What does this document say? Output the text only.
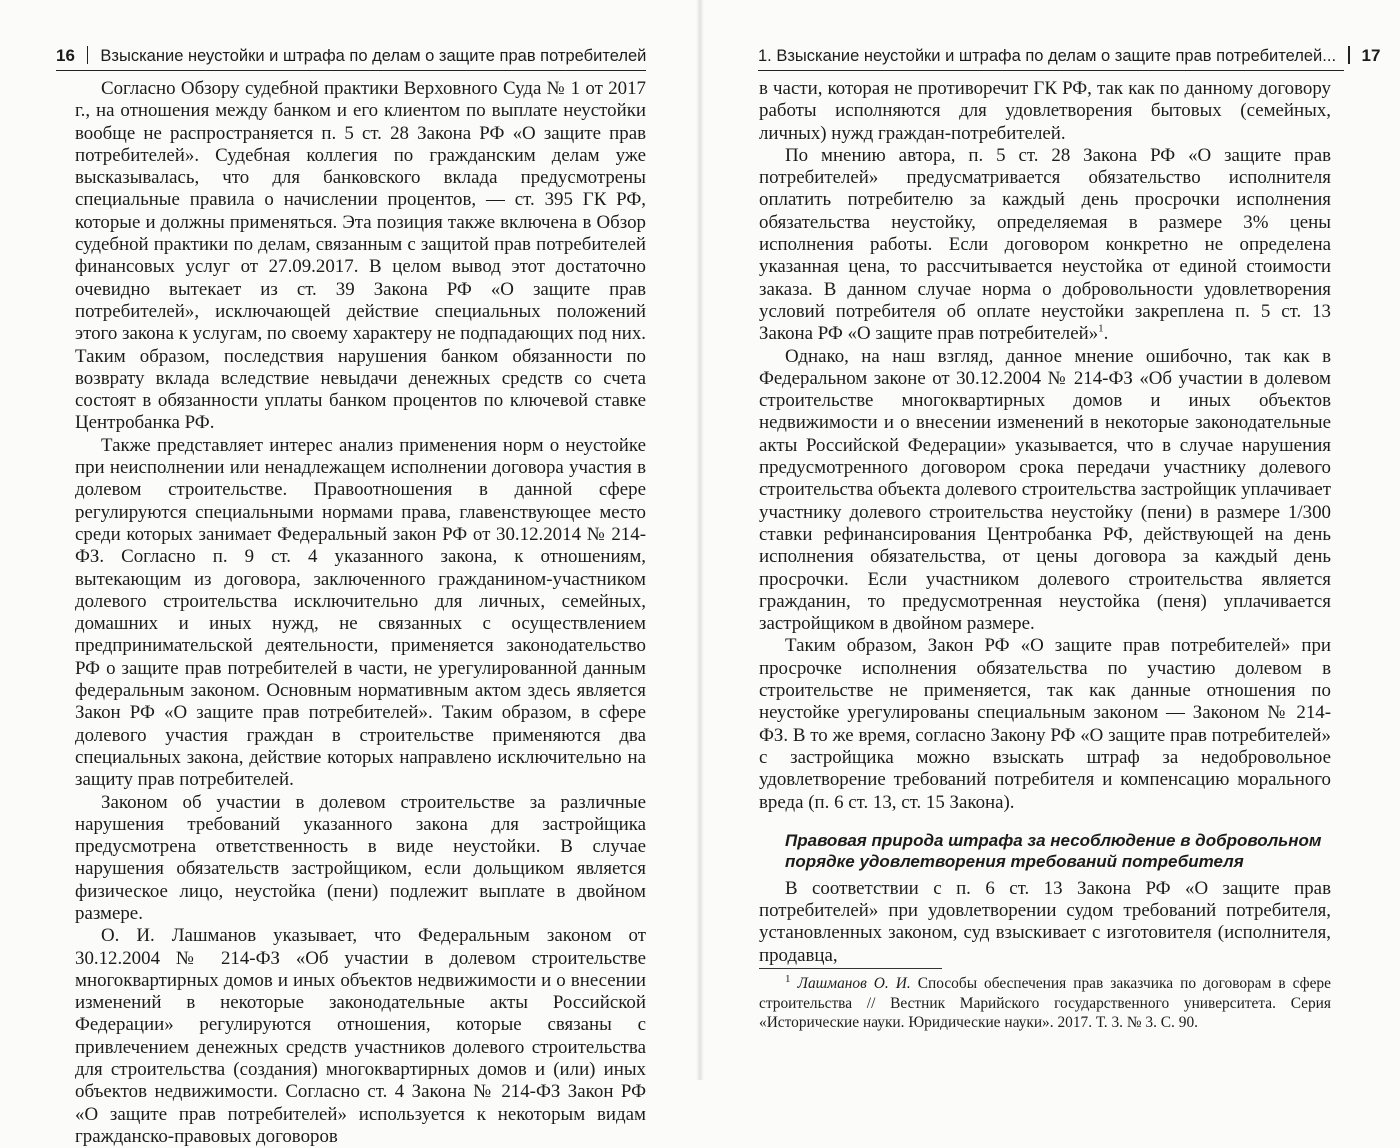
16 Взыскание неустойки и штрафа по делам о защите прав потребителей

Согласно Обзору судебной практики Верховного Суда № 1 от 2017 г., на отношения между банком и его клиентом по выплате неустойки вообще не распространяется п. 5 ст. 28 Закона РФ «О защите прав потребителей». Судебная коллегия по гражданским делам уже высказывалась, что для банковского вклада предусмотрены специальные правила о начислении процентов, — ст. 395 ГК РФ, которые и должны применяться. Эта позиция также включена в Обзор судебной практики по делам, связанным с защитой прав потребителей финансовых услуг от 27.09.2017. В целом вывод этот достаточно очевидно вытекает из ст. 39 Закона РФ «О защите прав потребителей», исключающей действие специальных положений этого закона к услугам, по своему характеру не подпадающих под них. Таким образом, последствия нарушения банком обязанности по возврату вклада вследствие невыдачи денежных средств со счета состоят в обязанности уплаты банком процентов по ключевой ставке Центробанка РФ.

Также представляет интерес анализ применения норм о неустойке при неисполнении или ненадлежащем исполнении договора участия в долевом строительстве. Правоотношения в данной сфере регулируются специальными нормами права, главенствующее место среди которых занимает Федеральный закон РФ от 30.12.2014 № 214-ФЗ. Согласно п. 9 ст. 4 указанного закона, к отношениям, вытекающим из договора, заключенного гражданином-участником долевого строительства исключительно для личных, семейных, домашних и иных нужд, не связанных с осуществлением предпринимательской деятельности, применяется законодательство РФ о защите прав потребителей в части, не урегулированной данным федеральным законом. Основным нормативным актом здесь является Закон РФ «О защите прав потребителей». Таким образом, в сфере долевого участия граждан в строительстве применяются два специальных закона, действие которых направлено исключительно на защиту прав потребителей.

Законом об участии в долевом строительстве за различные нарушения требований указанного закона для застройщика предусмотрена ответственность в виде неустойки. В случае нарушения обязательств застройщиком, если дольщиком является физическое лицо, неустойка (пени) подлежит выплате в двойном размере.

О. И. Лашманов указывает, что Федеральным законом от 30.12.2004 № 214-ФЗ «Об участии в долевом строительстве многоквартирных домов и иных объектов недвижимости и о внесении изменений в некоторые законодательные акты Российской Федерации» регулируются отношения, которые связаны с привлечением денежных средств участников долевого строительства для строительства (создания) многоквартирных домов и (или) иных объектов недвижимости. Согласно ст. 4 Закона № 214-ФЗ Закон РФ «О защите прав потребителей» используется к некоторым видам гражданско-правовых договоров

1. Взыскание неустойки и штрафа по делам о защите прав потребителей... 17

в части, которая не противоречит ГК РФ, так как по данному договору работы исполняются для удовлетворения бытовых (семейных, личных) нужд граждан-потребителей.

По мнению автора, п. 5 ст. 28 Закона РФ «О защите прав потребителей» предусматривается обязательство исполнителя оплатить потребителю за каждый день просрочки исполнения обязательства неустойку, определяемая в размере 3% цены исполнения работы. Если договором конкретно не определена указанная цена, то рассчитывается неустойка от единой стоимости заказа. В данном случае норма о добровольности удовлетворения условий потребителя об оплате неустойки закреплена п. 5 ст. 13 Закона РФ «О защите прав потребителей»$^1$.

Однако, на наш взгляд, данное мнение ошибочно, так как в Федеральном законе от 30.12.2004 № 214-ФЗ «Об участии в долевом строительстве многоквартирных домов и иных объектов недвижимости и о внесении изменений в некоторые законодательные акты Российской Федерации» указывается, что в случае нарушения предусмотренного договором срока передачи участнику долевого строительства объекта долевого строительства застройщик уплачивает участнику долевого строительства неустойку (пени) в размере 1/300 ставки рефинансирования Центробанка РФ, действующей на день исполнения обязательства, от цены договора за каждый день просрочки. Если участником долевого строительства является гражданин, то предусмотренная неустойка (пеня) уплачивается застройщиком в двойном размере.

Таким образом, Закон РФ «О защите прав потребителей» при просрочке исполнения обязательства по участию долевом в строительстве не применяется, так как данные отношения по неустойке урегулированы специальным законом — Законом № 214-ФЗ. В то же время, согласно Закону РФ «О защите прав потребителей» с застройщика можно взыскать штраф за недобровольное удовлетворение требований потребителя и компенсацию морального вреда (п. 6 ст. 13, ст. 15 Закона).

Правовая природа штрафа за несоблюдение в добровольном порядке удовлетворения требований потребителя

В соответствии с п. 6 ст. 13 Закона РФ «О защите прав потребителей» при удовлетворении судом требований потребителя, установленных законом, суд взыскивает с изготовителя (исполнителя, продавца,

$^1$ Лашманов О. И. Способы обеспечения прав заказчика по договорам в сфере строительства // Вестник Марийского государственного университета. Серия «Исторические науки. Юридические науки». 2017. Т. 3. № 3. С. 90.
